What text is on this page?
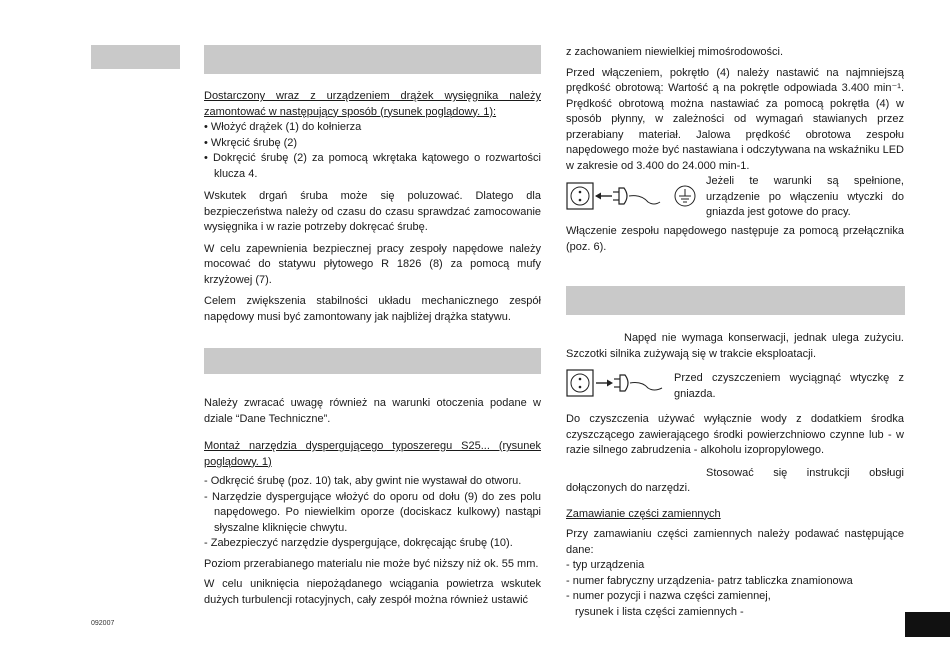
Dostarczony wraz z urządzeniem drążek wysięgnika należy zamontować w następujący sposób (rysunek poglądowy. 1):

• Włożyć drążek (1) do kołnierza

• Wkręcić śrubę (2)

• Dokręcić śrubę (2) za pomocą wkrętaka kątowego o rozwartości klucza 4.

Wskutek drgań śruba może się poluzować. Dlatego dla bezpieczeństwa należy od czasu do czasu sprawdzać zamocowanie wysięgnika i w razie potrzeby dokręcać śrubę.

W celu zapewnienia bezpiecznej pracy zespoły napędowe należy mocować do statywu płytowego R 1826 (8) za pomocą mufy krzyżowej (7).

Celem zwiększenia stabilności układu mechanicznego zespół napędowy musi być zamontowany jak najbliżej drążka statywu.

Należy zwracać uwagę również na warunki otoczenia podane w dziale “Dane Techniczne”.

Montaż narzędzia dyspergującego typoszeregu S25... (rysunek poglądowy. 1)

- Odkręcić śrubę (poz. 10) tak, aby gwint nie wystawał do otworu.

- Narzędzie dyspergujące włożyć do oporu od dołu (9) do zes polu napędowego. Po niewielkim oporze (dociskacz kulkowy) nastąpi słyszalne kliknięcie chwytu.

- Zabezpieczyć narzędzie dyspergujące, dokręcając śrubę (10).

Poziom przerabianego materialu nie może być niższy niż ok. 55 mm.

W celu uniknięcia niepożądanego wciągania powietrza wskutek dużych turbulencji rotacyjnych, cały zespół można również ustawić

092007

z zachowaniem niewielkiej mimośrodowości.

Przed włączeniem, pokrętło (4) należy nastawić na najmniejszą prędkość obrotową: Wartość ą na pokrętle odpowiada 3.400 min⁻¹. Prędkość obrotową można nastawiać za pomocą pokrętła (4) w sposób płynny, w zależności od wymagań stawianych przez przerabiany materiał. Jalowa prędkość obrotowa zespołu napędowego może być nastawiana i odczytywana na wskaźniku LED w zakresie od 3.400 do 24.000 min-1.

Jeżeli te warunki są spełnione, urządzenie po włączeniu wtyczki do gniazda jest gotowe do pracy.
Włączenie zespołu napędowego następuje za pomocą przełącznika (poz. 6).
Napęd nie wymaga konserwacji, jednak ulega zużyciu. Szczotki silnika zużywają się w trakcie eksploatacji.
Przed czyszczeniem wyciągnąć wtyczkę z gniazda.

Do czyszczenia używać wyłącznie wody z dodatkiem środka czyszczącego zawierającego środki powierzchniowo czynne lub - w razie silnego zabrudzenia - alkoholu izopropylowego.

Stosować się instrukcji obsługi dołączonych do narzędzi.

Zamawianie części zamiennych

Przy zamawianiu części zamiennych należy podawać następujące dane:

- typ urządzenia

- numer fabryczny urządzenia- patrz tabliczka znamionowa

- numer pozycji i nazwa części zamiennej,

rysunek i lista części zamiennych -
